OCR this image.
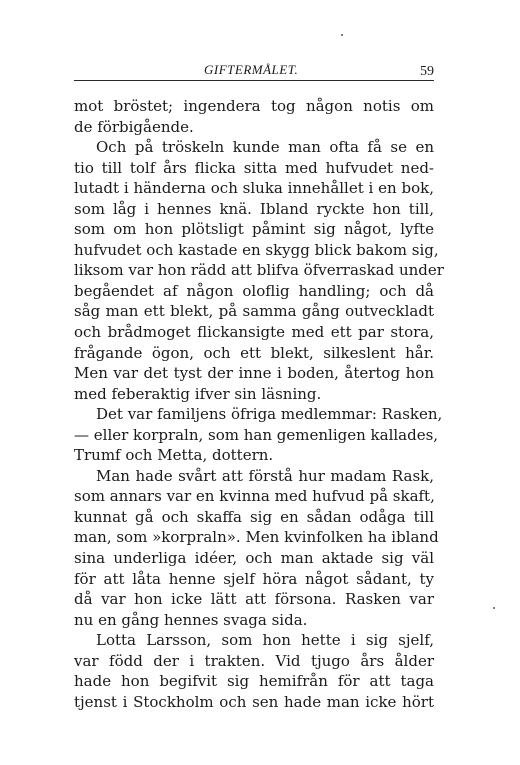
GIFTERMÅLET.	59
mot bröstet; ingendera tog någon notis om
de förbigående.
Och på tröskeln kunde man ofta få se en
tio till tolf års flicka sitta med hufvudet ned-
lutadt i händerna och sluka innehållet i en bok,
som låg i hennes knä. Ibland ryckte hon till,
som om hon plötsligt påmint sig något, lyfte
hufvudet och kastade en skygg blick bakom sig,
liksom var hon rädd att blifva öfverraskad under
begåendet af någon oloflig handling; och då
såg man ett blekt, på samma gång outveckladt
och brådmoget flickansigte med ett par stora,
frågande ögon, och ett blekt, silkeslent hår.
Men var det tyst der inne i boden, återtog hon
med feberaktig ifver sin läsning.
Det var familjens öfriga medlemmar: Rasken,
— eller korpraln, som han gemenligen kallades,
Trumf och Metta, dottern.
Man hade svårt att förstå hur madam Rask,
som annars var en kvinna med hufvud på skaft,
kunnat gå och skaffa sig en sådan odåga till
man, som »korpraln». Men kvinfolken ha ibland
sina underliga idéer, och man aktade sig väl
för att låta henne sjelf höra något sådant, ty
då var hon icke lätt att försona. Rasken var
nu en gång hennes svaga sida.
Lotta Larsson, som hon hette i sig sjelf,
var född der i trakten. Vid tjugo års ålder
hade hon begifvit sig hemifrån för att taga
tjenst i Stockholm och sen hade man icke hört
